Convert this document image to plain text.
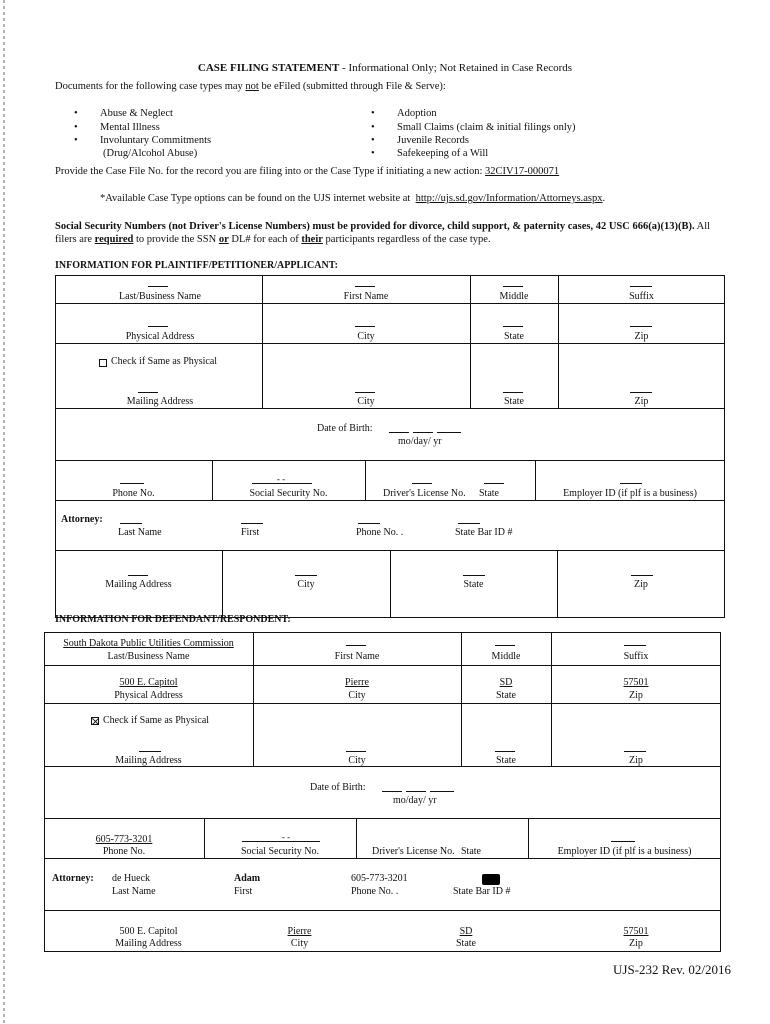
CASE FILING STATEMENT - Informational Only; Not Retained in Case Records
Documents for the following case types may not be eFiled (submitted through File & Serve):
• Abuse & Neglect
• Mental Illness
• Involuntary Commitments
(Drug/Alcohol Abuse)
• Adoption
• Small Claims (claim & initial filings only)
• Juvenile Records
• Safekeeping of a Will
Provide the Case File No. for the record you are filing into or the Case Type if initiating a new action: 32CIV17-000071
*Available Case Type options can be found on the UJS internet website at http://ujs.sd.gov/Information/Attorneys.aspx.
Social Security Numbers (not Driver's License Numbers) must be provided for divorce, child support, & paternity cases, 42 USC 666(a)(13)(B). All
filers are required to provide the SSN or DL# for each of their participants regardless of the case type.
INFORMATION FOR PLAINTIFF/PETITIONER/APPLICANT:
Last/Business Name	First Name	Middle	Suffix
Physical Address	City	State	Zip
Check if Same as Physical
Mailing Address	City	State	Zip
Date of Birth:
mo/day/ yr
- -
Phone No.	Social Security No.	Driver's License No. State	Employer ID (if plf is a business)
Attorney:
Last Name	First	Phone No. .	State Bar ID #
Mailing Address	City	State	Zip
INFORMATION FOR DEFENDANT/RESPONDENT:
South Dakota Public Utilities Commission
Last/Business Name	First Name	Middle	Suffix
500 E. Capitol	Pierre	SD	57501
Physical Address	City	State	Zip
Check if Same as Physical
Mailing Address	City	State	Zip
Date of Birth:
mo/day/ yr
605-773-3201	- -
Phone No.	Social Security No.	Driver's License No. State	Employer ID (if plf is a business)
Attorney: de Hueck	Adam	605-773-3201
Last Name	First	Phone No. .	State Bar ID #
500 E. Capitol	Pierre	SD	57501
Mailing Address	City	State	Zip
UJS-232 Rev. 02/2016
